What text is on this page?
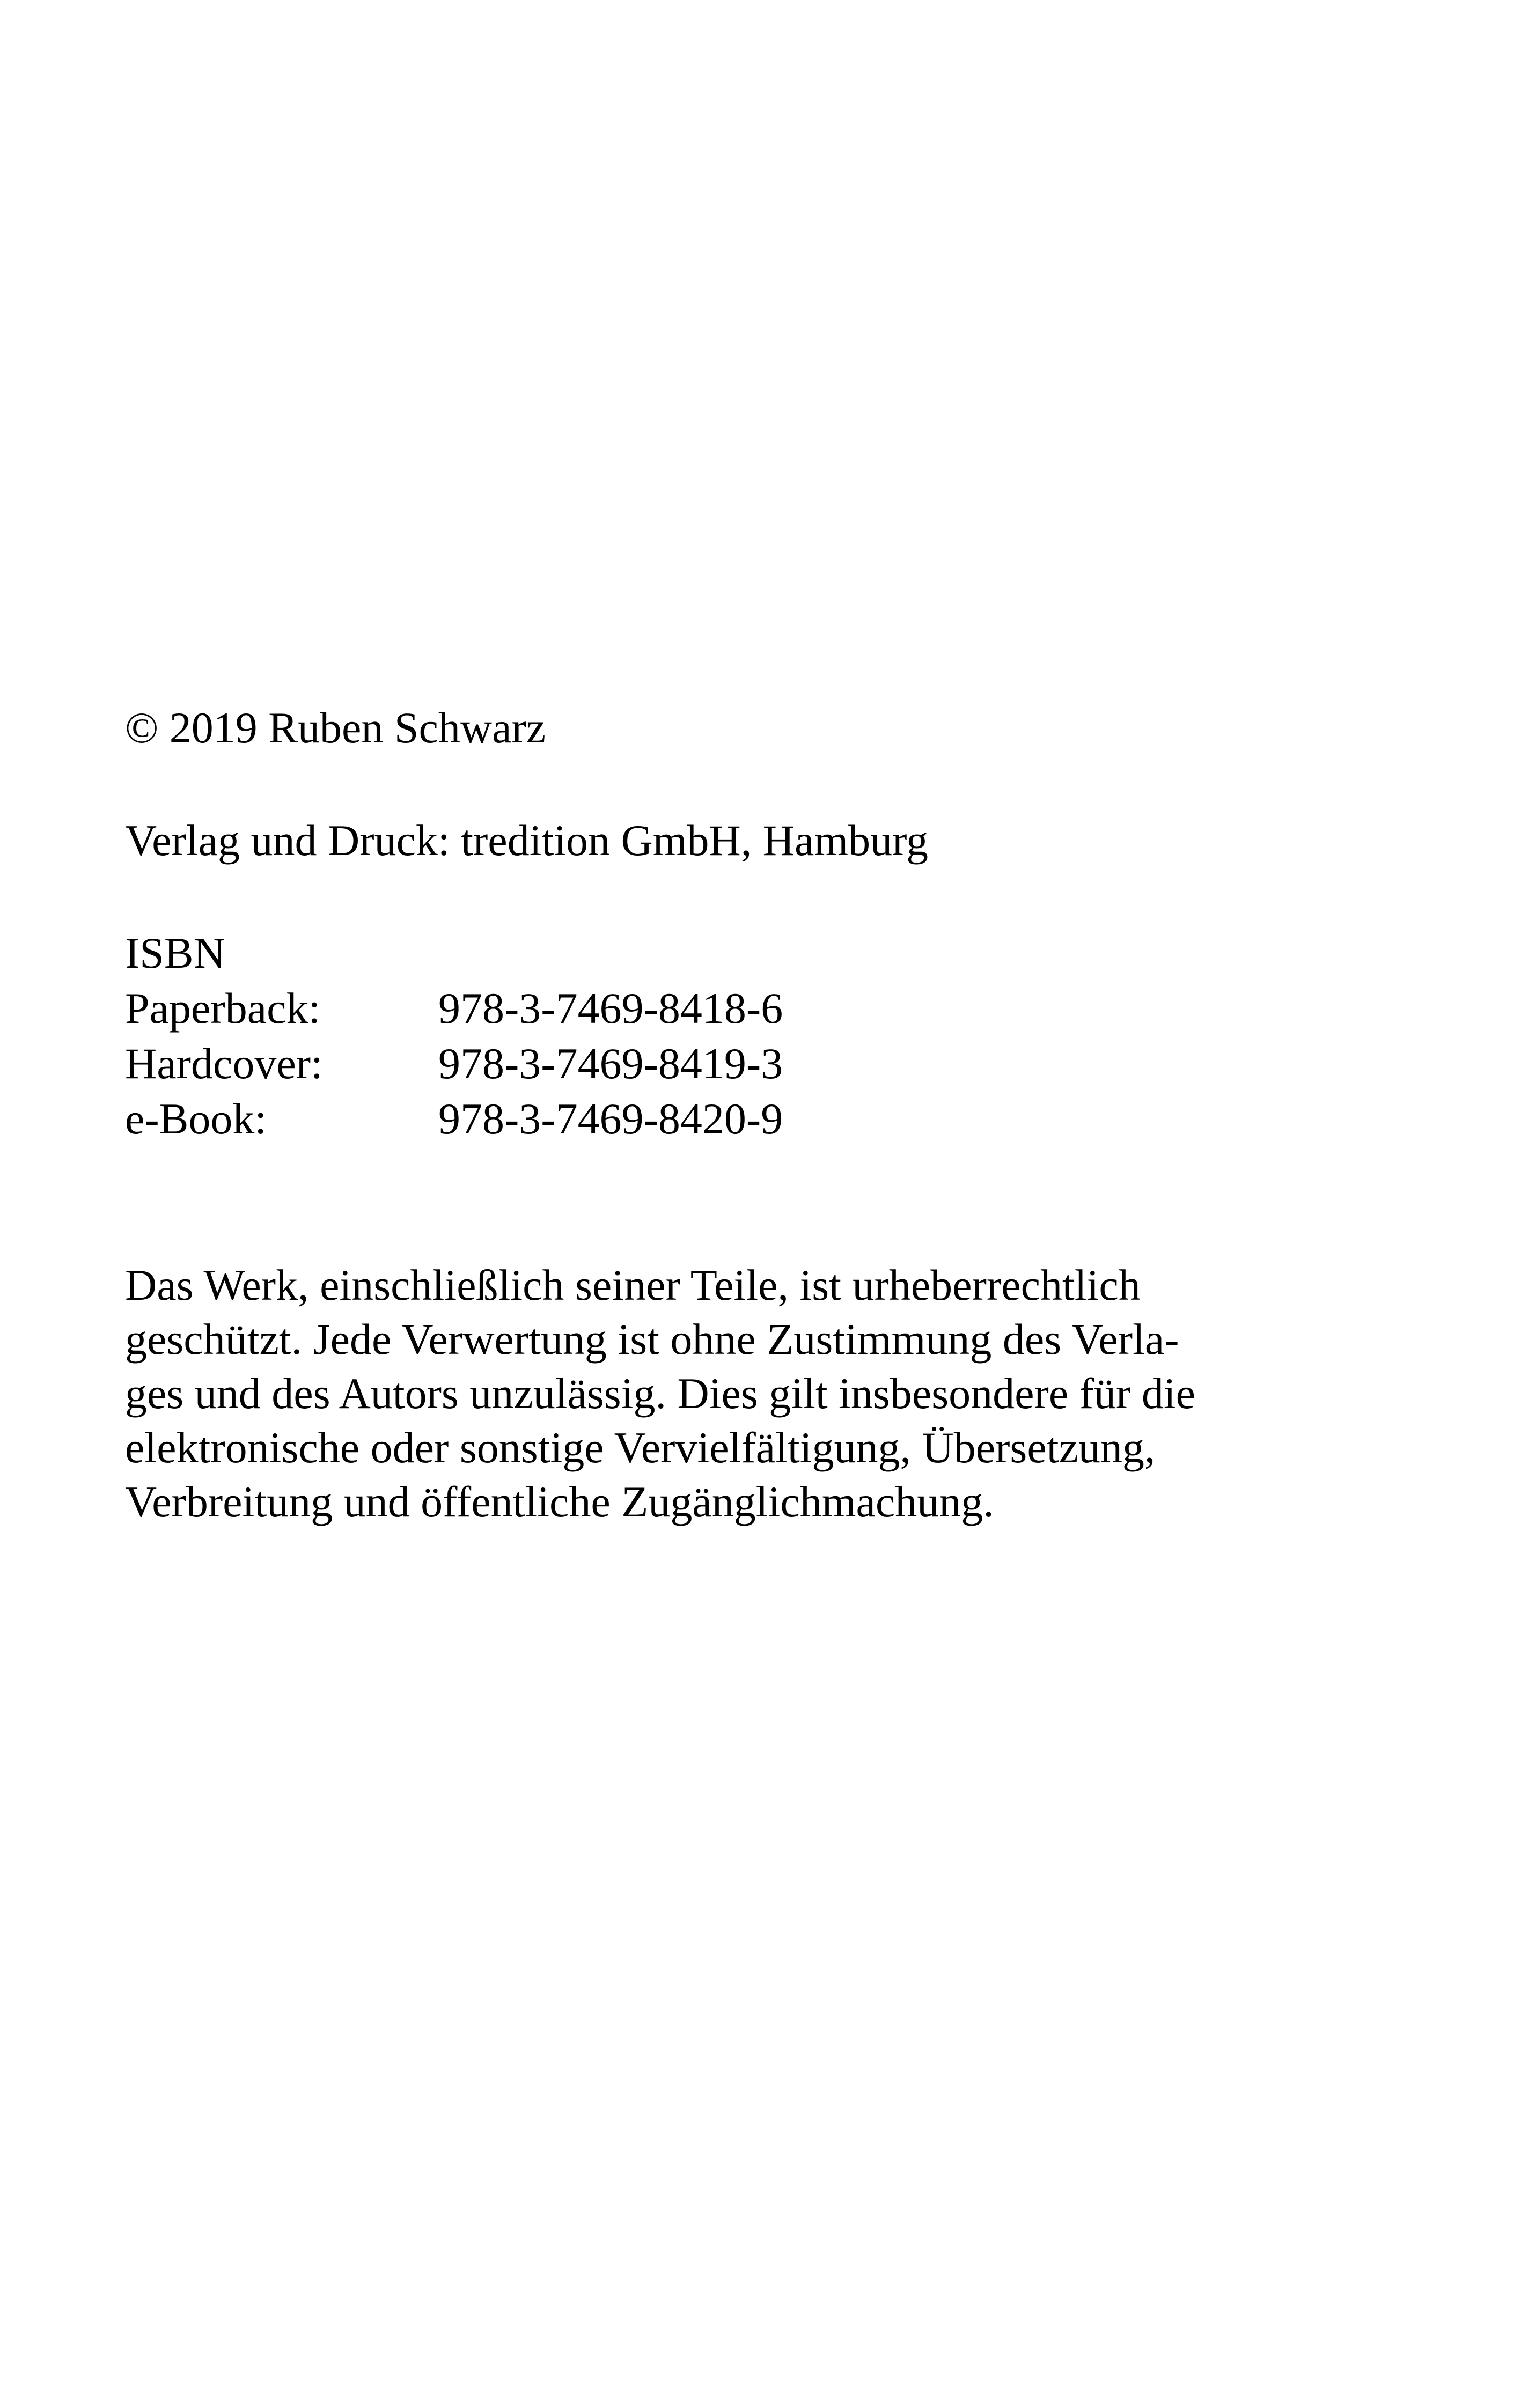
© 2019 Ruben Schwarz
Verlag und Druck: tredition GmbH, Hamburg
ISBN
Paperback:	978-3-7469-8418-6
Hardcover:	978-3-7469-8419-3
e-Book:	978-3-7469-8420-9
Das Werk, einschließlich seiner Teile, ist urheberrechtlich
geschützt. Jede Verwertung ist ohne Zustimmung des Verla-
ges und des Autors unzulässig. Dies gilt insbesondere für die
elektronische oder sonstige Vervielfältigung, Übersetzung,
Verbreitung und öffentliche Zugänglichmachung.
